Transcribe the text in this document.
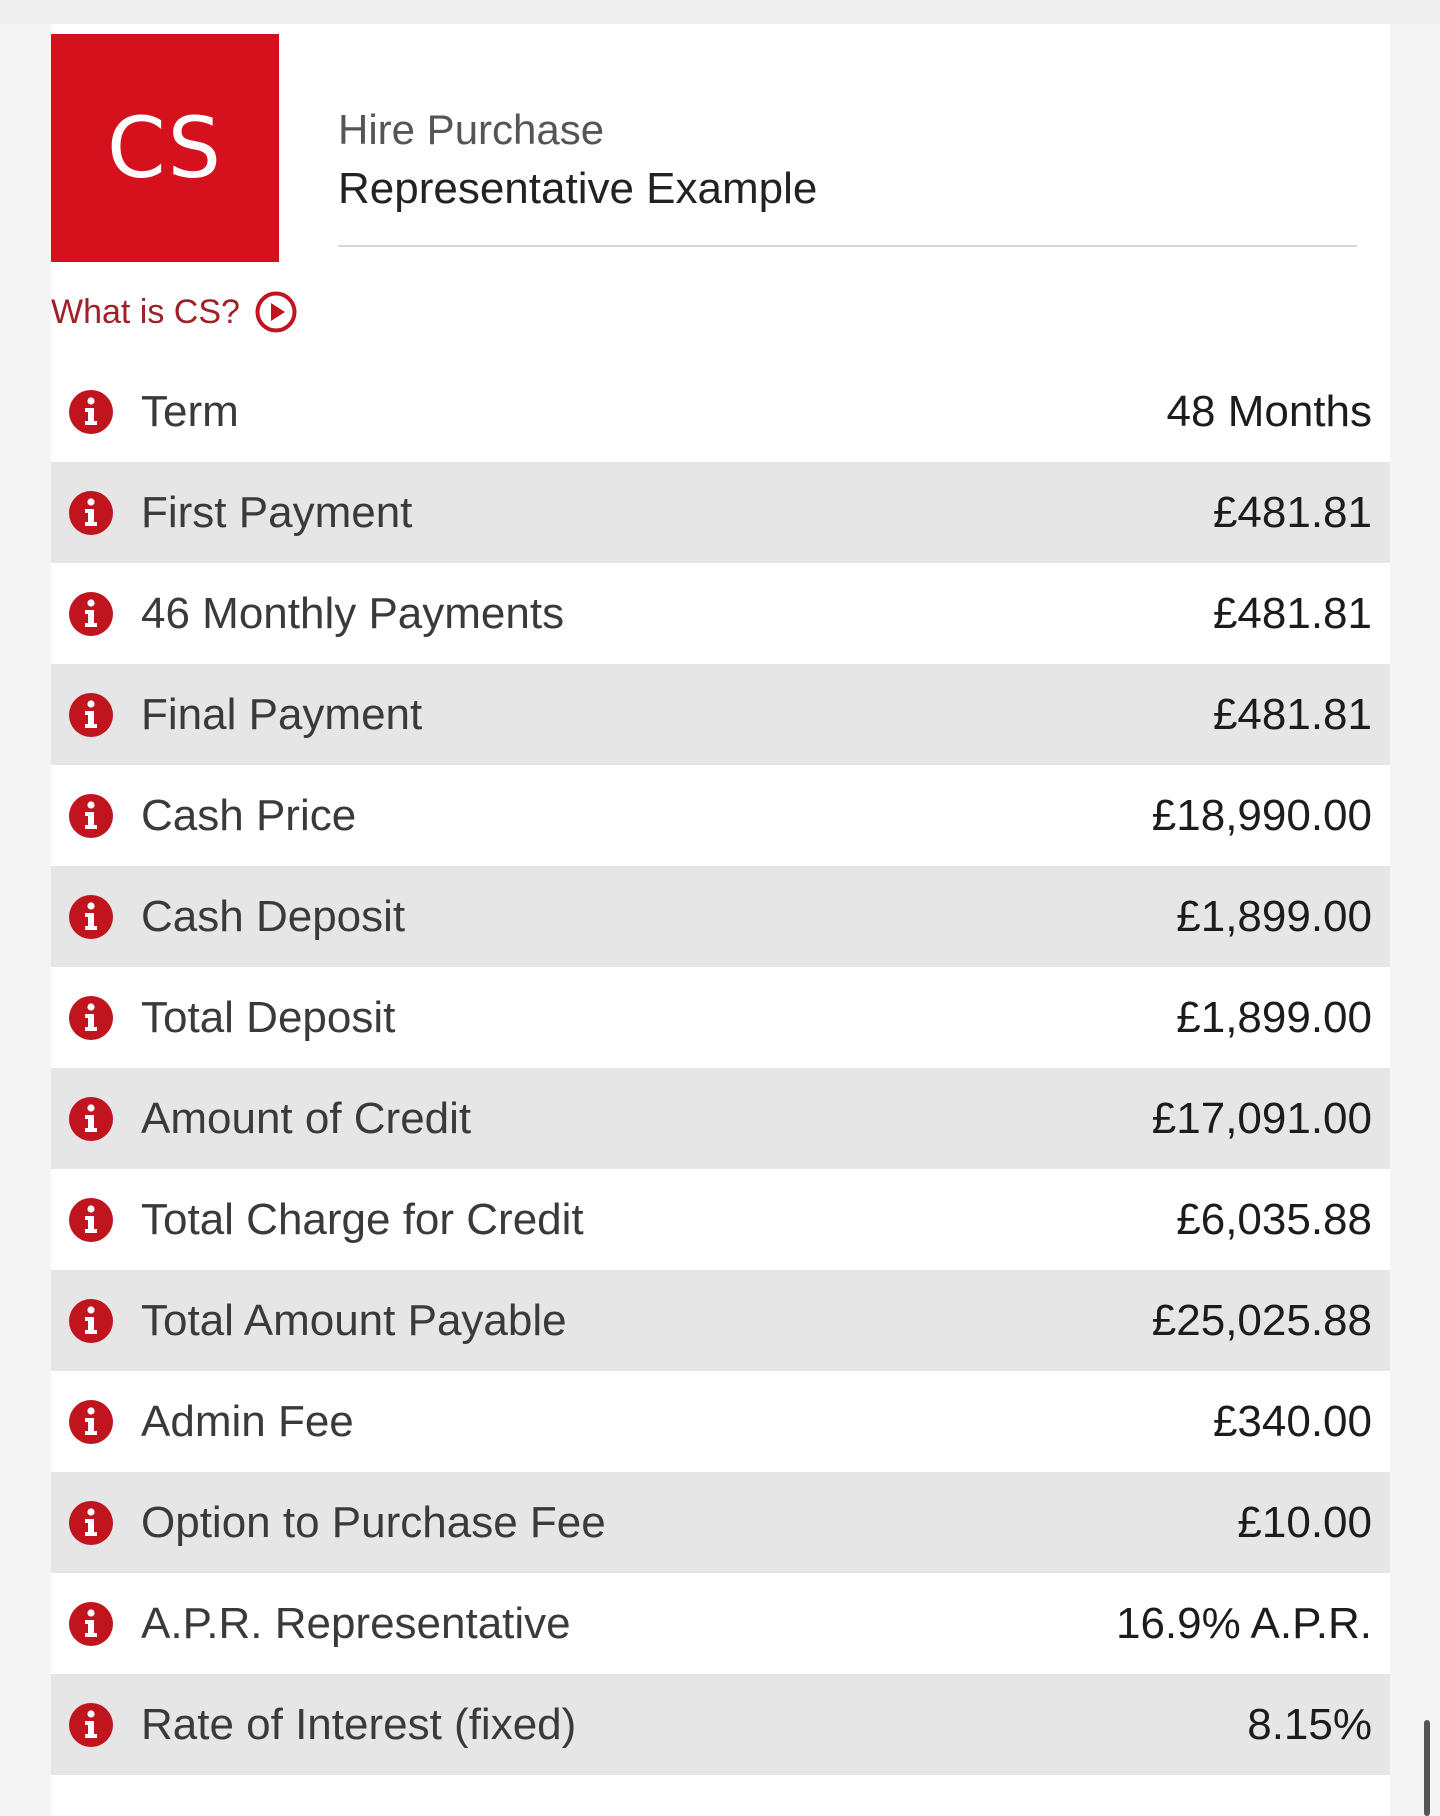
CS	Hire Purchase
Representative Example
What is CS?
Term	48 Months
First Payment	£481.81
46 Monthly Payments	£481.81
Final Payment	£481.81
Cash Price	£18,990.00
Cash Deposit	£1,899.00
Total Deposit	£1,899.00
Amount of Credit	£17,091.00
Total Charge for Credit	£6,035.88
Total Amount Payable	£25,025.88
Admin Fee	£340.00
Option to Purchase Fee	£10.00
A.P.R. Representative	16.9% A.P.R.
Rate of Interest (fixed)	8.15%
